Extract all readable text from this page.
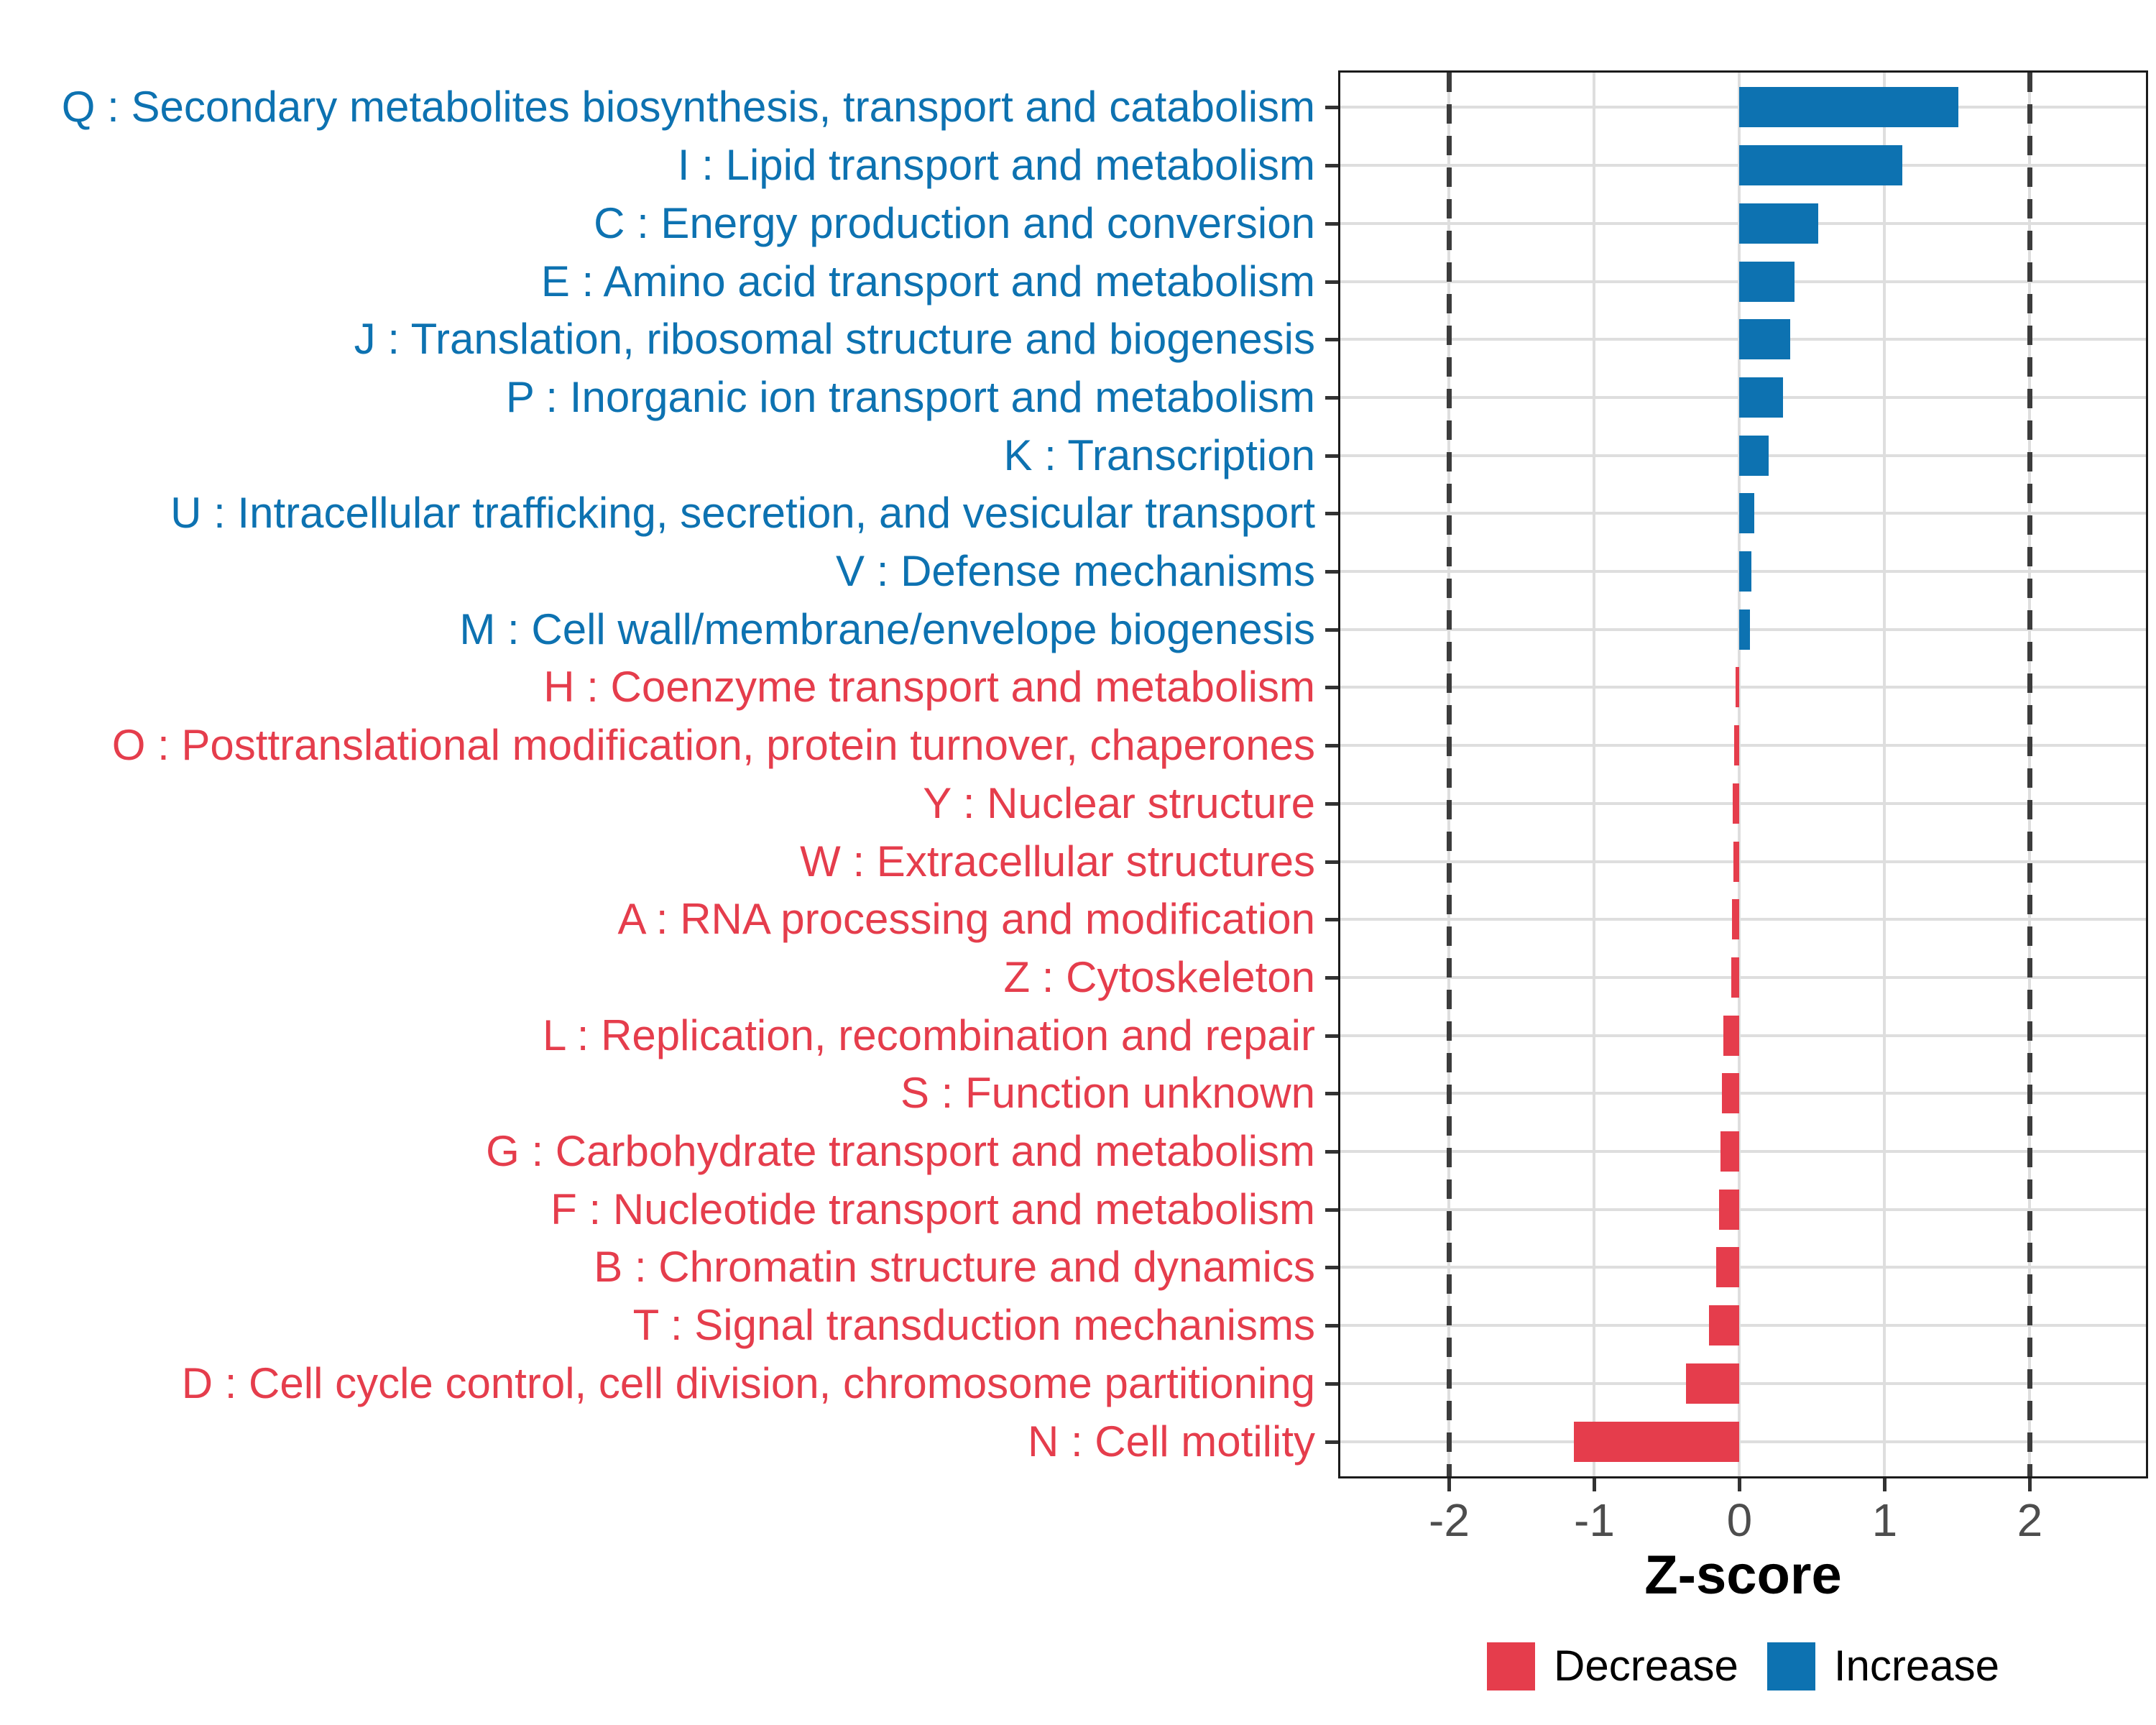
Q : Secondary metabolites biosynthesis, transport and catabolism
I : Lipid transport and metabolism
C : Energy production and conversion
E : Amino acid transport and metabolism
J : Translation, ribosomal structure and biogenesis
P : Inorganic ion transport and metabolism
K : Transcription
U : Intracellular trafficking, secretion, and vesicular transport
V : Defense mechanisms
M : Cell wall/membrane/envelope biogenesis
H : Coenzyme transport and metabolism
O : Posttranslational modification, protein turnover, chaperones
Y : Nuclear structure
W : Extracellular structures
A : RNA processing and modification
Z : Cytoskeleton
L : Replication, recombination and repair
S : Function unknown
G : Carbohydrate transport and metabolism
F : Nucleotide transport and metabolism
B : Chromatin structure and dynamics
T : Signal transduction mechanisms
D : Cell cycle control, cell division, chromosome partitioning
N : Cell motility
-2	-1	0	1	2
Z-score
Decrease Increase
